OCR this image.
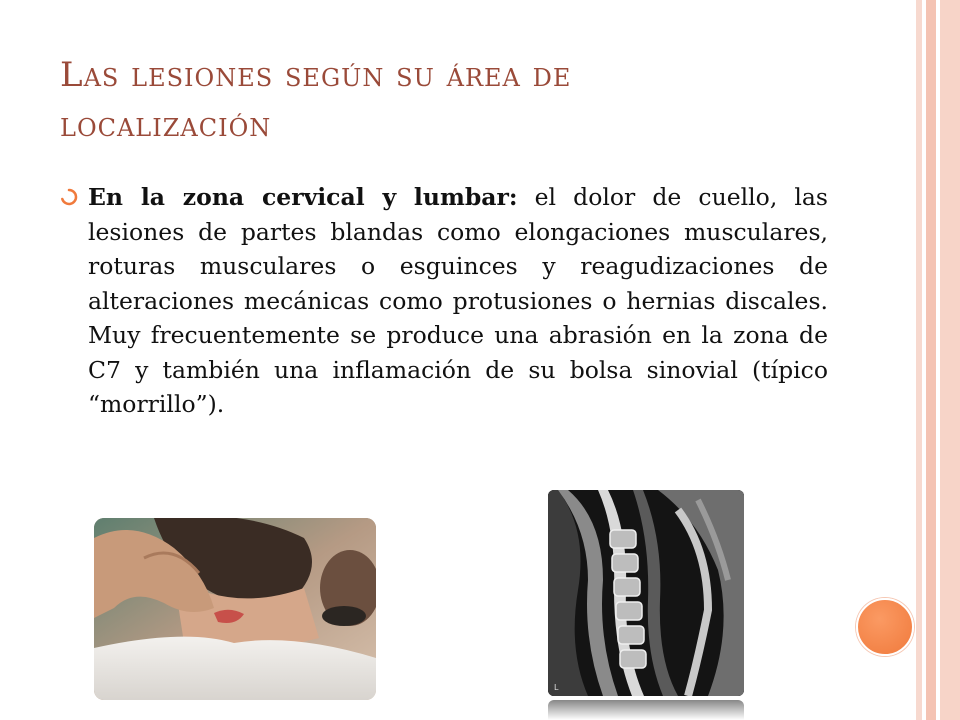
Las lesiones según su área de
localización
En la zona cervical y lumbar: el dolor de cuello, las lesiones de partes blandas como elongaciones musculares, roturas musculares o esguinces y reagudizaciones de alteraciones mecánicas como protusiones o hernias discales. Muy frecuentemente se produce una abrasión en la zona de C7 y también una inflamación de su bolsa sinovial (típico “morrillo”).
L
